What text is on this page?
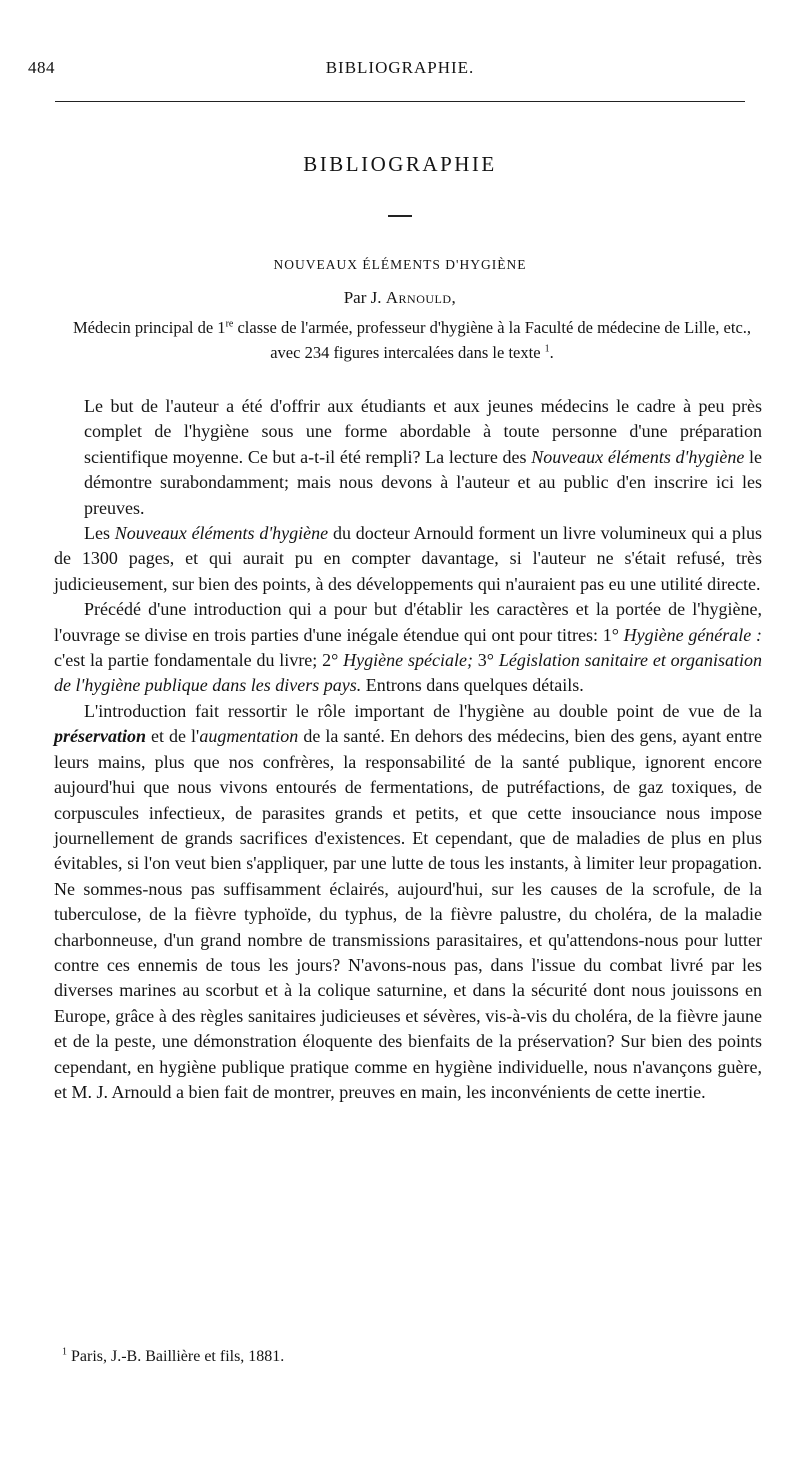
484	BIBLIOGRAPHIE.
BIBLIOGRAPHIE
NOUVEAUX ÉLÉMENTS D'HYGIÈNE
Par J. Arnould,
Médecin principal de 1re classe de l'armée, professeur d'hygiène à la Faculté de médecine de Lille, etc., avec 234 figures intercalées dans le texte $^1$.

Le but de l'auteur a été d'offrir aux étudiants et aux jeunes médecins le cadre à peu près complet de l'hygiène sous une forme abordable à toute personne d'une préparation scientifique moyenne. Ce but a-t-il été rempli? La lecture des Nouveaux éléments d'hygiène le démontre surabondamment; mais nous devons à l'auteur et au public d'en inscrire ici les preuves.

Les Nouveaux éléments d'hygiène du docteur Arnould forment un livre volumineux qui a plus de 1300 pages, et qui aurait pu en compter davantage, si l'auteur ne s'était refusé, très judicieusement, sur bien des points, à des développements qui n'auraient pas eu une utilité directe.

Précédé d'une introduction qui a pour but d'établir les caractères et la portée de l'hygiène, l'ouvrage se divise en trois parties d'une inégale étendue qui ont pour titres: 1° Hygiène générale : c'est la partie fondamentale du livre; 2° Hygiène spéciale; 3° Législation sanitaire et organisation de l'hygiène publique dans les divers pays. Entrons dans quelques détails.

L'introduction fait ressortir le rôle important de l'hygiène au double point de vue de la préservation et de l'augmentation de la santé. En dehors des médecins, bien des gens, ayant entre leurs mains, plus que nos confrères, la responsabilité de la santé publique, ignorent encore aujourd'hui que nous vivons entourés de fermentations, de putréfactions, de gaz toxiques, de corpuscules infectieux, de parasites grands et petits, et que cette insouciance nous impose journellement de grands sacrifices d'existences. Et cependant, que de maladies de plus en plus évitables, si l'on veut bien s'appliquer, par une lutte de tous les instants, à limiter leur propagation. Ne sommes-nous pas suffisamment éclairés, aujourd'hui, sur les causes de la scrofule, de la tuberculose, de la fièvre typhoïde, du typhus, de la fièvre palustre, du choléra, de la maladie charbonneuse, d'un grand nombre de transmissions parasitaires, et qu'attendons-nous pour lutter contre ces ennemis de tous les jours? N'avons-nous pas, dans l'issue du combat livré par les diverses marines au scorbut et à la colique saturnine, et dans la sécurité dont nous jouissons en Europe, grâce à des règles sanitaires judicieuses et sévères, vis-à-vis du choléra, de la fièvre jaune et de la peste, une démonstration éloquente des bienfaits de la préservation? Sur bien des points cependant, en hygiène publique pratique comme en hygiène individuelle, nous n'avançons guère, et M. J. Arnould a bien fait de montrer, preuves en main, les inconvénients de cette inertie.

$^1$ Paris, J.-B. Baillière et fils, 1881.
